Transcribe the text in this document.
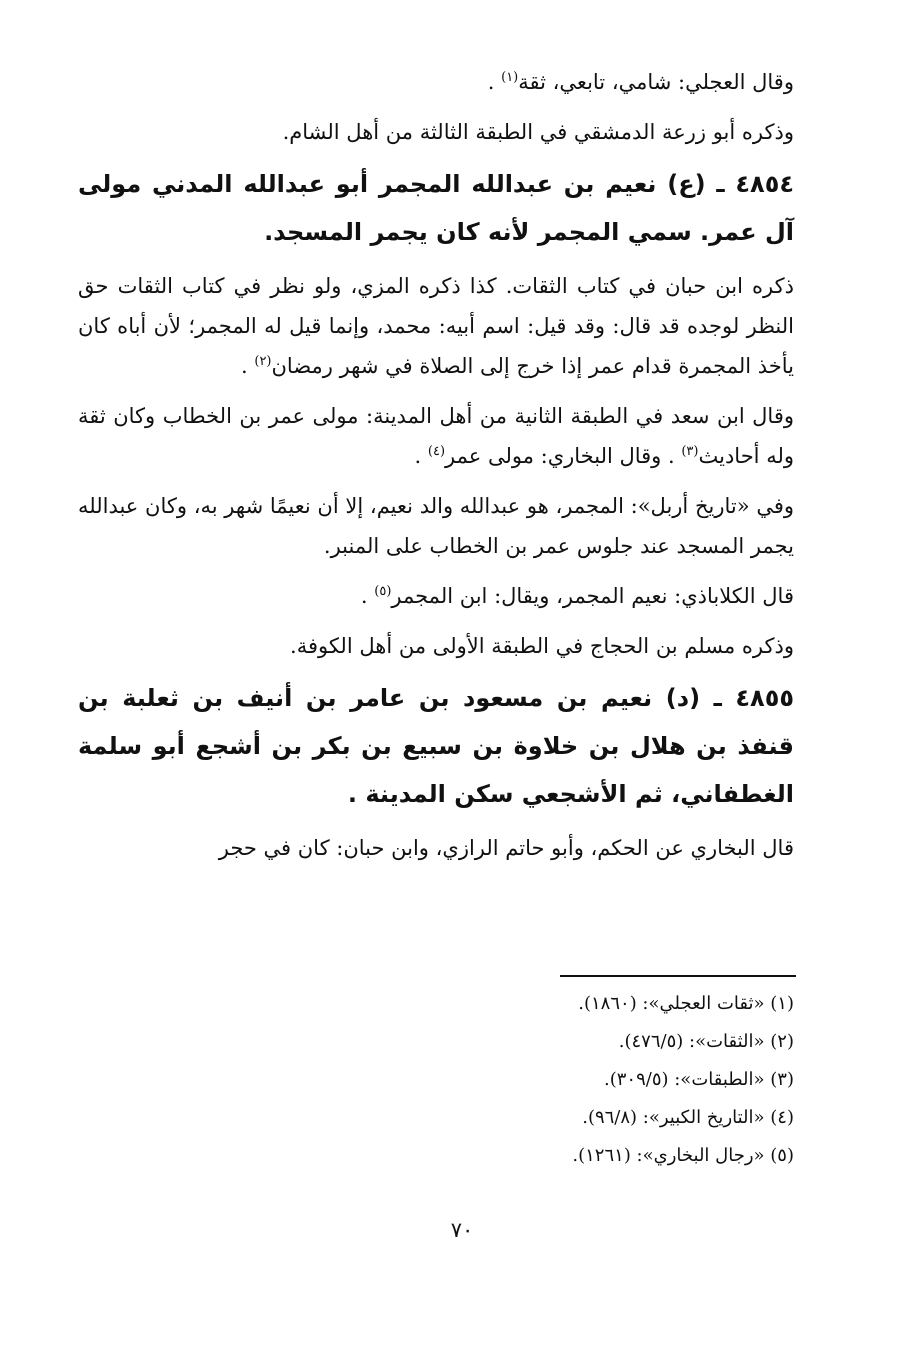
وقال العجلي: شامي، تابعي، ثقة$^{(١)}$ .

وذكره أبو زرعة الدمشقي في الطبقة الثالثة من أهل الشام.

٤٨٥٤ ـ (ع) نعيم بن عبدالله المجمر أبو عبدالله المدني مولى آل عمر. سمي المجمر لأنه كان يجمر المسجد.

ذكره ابن حبان في كتاب الثقات. كذا ذكره المزي، ولو نظر في كتاب الثقات حق النظر لوجده قد قال: وقد قيل: اسم أبيه: محمد، وإنما قيل له المجمر؛ لأن أباه كان يأخذ المجمرة قدام عمر إذا خرج إلى الصلاة في شهر رمضان$^{(٢)}$ .

وقال ابن سعد في الطبقة الثانية من أهل المدينة: مولى عمر بن الخطاب وكان ثقة وله أحاديث$^{(٣)}$ . وقال البخاري: مولى عمر$^{(٤)}$ .

وفي «تاريخ أربل»: المجمر، هو عبدالله والد نعيم، إلا أن نعيمًا شهر به، وكان عبدالله يجمر المسجد عند جلوس عمر بن الخطاب على المنبر.

قال الكلاباذي: نعيم المجمر، ويقال: ابن المجمر$^{(٥)}$ .

وذكره مسلم بن الحجاج في الطبقة الأولى من أهل الكوفة.

٤٨٥٥ ـ (د) نعيم بن مسعود بن عامر بن أنيف بن ثعلبة بن قنفذ بن هلال بن خلاوة بن سبيع بن بكر بن أشجع أبو سلمة الغطفاني، ثم الأشجعي سكن المدينة .

قال البخاري عن الحكم، وأبو حاتم الرازي، وابن حبان: كان في حجر

(١) «ثقات العجلي»: (١٨٦٠).

(٢) «الثقات»: (٤٧٦/٥).

(٣) «الطبقات»: (٣٠٩/٥).

(٤) «التاريخ الكبير»: (٩٦/٨).

(٥) «رجال البخاري»: (١٢٦١).

٧٠
